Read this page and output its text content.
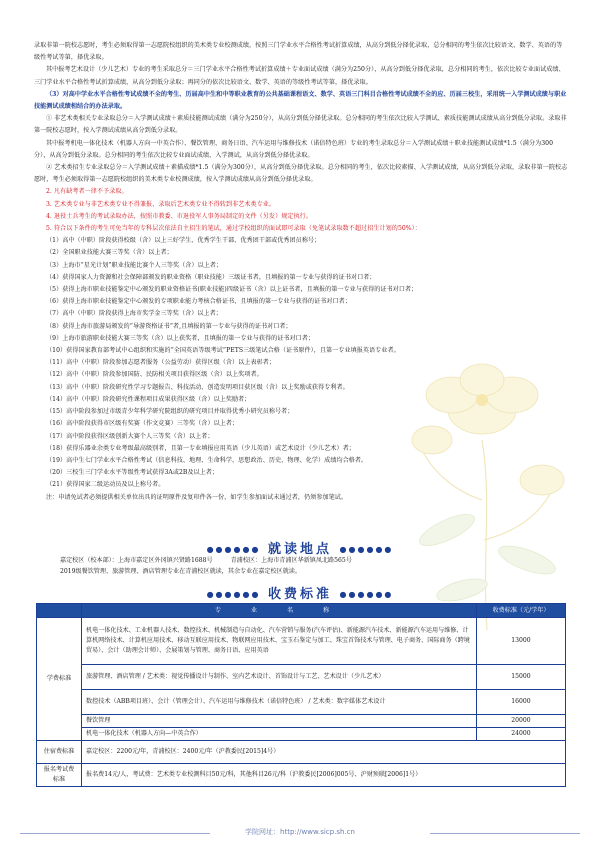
录取非第一院校志愿时，考生必须取得第一志愿院校组织的美术类专业校测成绩，按照三门学业水平合格性考试折算成绩，从高分到低分择优录取，总分相同的考生依次比较语文、数学、英语的等级性考试等第，择优录取。

其中报考艺术设计（少儿艺术）专业的考生采取总分＝三门学业水平合格性考试折算成绩＋专业面试成绩（满分为250分），从高分到低分择优录取，总分相同的考生，依次比较专业面试成绩、三门学业水平合格性考试折算成绩，从高分到低分录取；再同分的依次比较语文、数学、英语的等级性考试等第，择优录取。

（3）对高中学业水平合格性考试成绩不全的考生、历届高中生和中等职业教育的公共基础课程语文、数学、英语三门科目合格性考试成绩不全的应、历届三校生，采用统一入学测试成绩与职业技能测试成绩相结合的办法录取。

① 非艺术类相关专业录取总分＝入学测试成绩＋素质技能测试成绩（满分为250分），从高分到低分择优录取。总分相同的考生依次比较入学测试、素质技能测试成绩从高分到低分录取。录取非第一院校志愿时，按入学测试成绩从高分到低分录取。

其中报考机电一体化技术（机器人方向一中英合作）、餐饮管理、商务日语、汽车运用与维修技术（诺倍特色班）专业的考生录取总分＝入学测试成绩＋职业技能测试成绩*1.5（满分为300分），从高分到低分录取。总分相同的考生依次比较专业面试成绩、入学测试，从高分到低分择优录取。

② 艺术类招生专业录取总分＝入学测试成绩＋素描成绩*1.5（满分为300分），从高分到低分择优录取。总分相同的考生，依次比较素描、入学测试成绩，从高分到低分录取，录取非第一院校志愿时，考生必须取得第一志愿院校组织的美术类专业校测成绩，按入学测试成绩从高分到低分择优录取。

2. 凡有缺考者一律不予录取。
3. 艺术类专业与非艺术类专业不得兼报，录取后艺术类专业不得转到非艺术类专业。
4. 退役士兵考生的考试录取办法，按照市教委、市退役军人事务局制定的文件（另发）规定执行。
5. 符合以下条件的考生可免当年的专科层次依法自主招生的笔试，通过学校组织的面试即可录取（免笔试录取数不超过招生计划的50%）：
（1）高中（中职）阶段获得校级（含）以上三好学生、优秀学生干部、优秀团干部或优秀团员称号；
（2）全国职业技能大赛三等奖（含）以上者；
（3）上海市“星光计划”职业技能比赛个人三等奖（含）以上者；
（4）获得国家人力资源和社会保障部颁发的职业资格（职业技能）三级证书者，且填报的第一专业与获得的证书对口者；
（5）获得上海市职业技能鉴定中心颁发的职业资格证书(职业技能)四级证书（含）以上证书者，且填报的第一专业与获得的证书对口者；
（6）获得上海市职业技能鉴定中心颁发的专项职业能力考核合格证书，且填报的第一专业与获得的证书对口者；
（7）高中（中职）阶段获得上海市奖学金三等奖（含）以上者；
（8）获得上海市旅游局颁发的“导游资格证书”者,且填报的第一专业与获得的证书对口者；
（9）上海市旅游职业技能大赛三等奖（含）以上获奖者，且填报的第一专业与获得的证书对口者；
（10）获得国家教育部考试中心组织和实施的“全国英语等级考试”PETS三级笔试合格（证书原件），且第一专业填报英语专业者。
（11）高中（中职）阶段参加志愿者服务（公益劳动）获得区级（含）以上表彰者；
（12）高中（中职）阶段参加国防、民防相关项目获得区级（含）以上奖项者。
（13）高中（中职）阶段研究性学习专题报告、科技活动、创造发明项目获区级（含）以上奖励或获得专利者。
（14）高中（中职）阶段研究性课程项目成果获得区级（含）以上奖励者；
（15）高中阶段参加过市级青少年科学研究院组织的研究项目并取得优秀小研究员称号者；
（16）高中阶段获得市区级有奖赛（作文竞赛）三等奖（含）以上者；
（17）高中阶段获得区级创新大赛个人三等奖（含）以上者；
（18）获得乐器业余类专业考级最高级别者，且第一专业填报应用英语（少儿英语）或艺术设计（少儿艺术）者；
（19）高中生七门学业水平合格性考试（信息科技、地理、生命科学、思想政治、历史、物理、化学）成绩均合格者。
（20）三校生三门学业水平等级性考试获得3A或2B及以上者；
（21）获得国家二级运动员及以上称号者。
注：申请免试者必须提供相关单位出具的证明原件及复印件各一份，如学生参加面试未通过者，仍须参加笔试。
●●●●●● 就读地点 ●●●●●●
嘉定校区（校本部）：上海市嘉定区外冈镇兴贤路1688号	青浦校区：上海市青浦区华新镇凤北路565号
2019级餐饮管理、旅游管理、酒店管理专业在青浦校区就读，其余专业在嘉定校区就读。
●●●●●● 收费标准 ●●●●●●
	专 业 名 称	收费标准（元/学年）
学费标准	机电一体化技术、工业机器人技术、数控技术、机械制造与自动化、汽车营销与服务(汽车评估)、新能源汽车技术、新能源汽车运用与维修、计算机网络技术、计算机应用技术、移动互联应用技术、物联网应用技术、宝玉石鉴定与加工、珠宝首饰技术与管理、电子商务、国际商务（跨境贸易）、会计（助理会计师）、会展策划与管理、商务日语、应用英语	13000
	旅游管理、酒店管理 / 艺术类：视觉传播设计与制作、室内艺术设计、首饰设计与工艺、艺术设计（少儿艺术）	15000
	数控技术（ABB项目班）、会计（管理会计）、汽车运用与维修技术（诺倍特色班） / 艺术类：数字媒体艺术设计	16000
	餐饮管理	20000
	机电一体化技术（机器人方向—中英合作）	24000
住宿费标准	嘉定校区：2200元/年，青浦校区：2400元/年（沪教委民[2015]4号）	
报名考试费标准	报名费14元/人，考试费：艺术类专业校测科目50元/科，其他科目26元/科（沪教委民[2006]005号、沪财预联[2006]1号）	
学院网址：http://www.sicp.sh.cn
